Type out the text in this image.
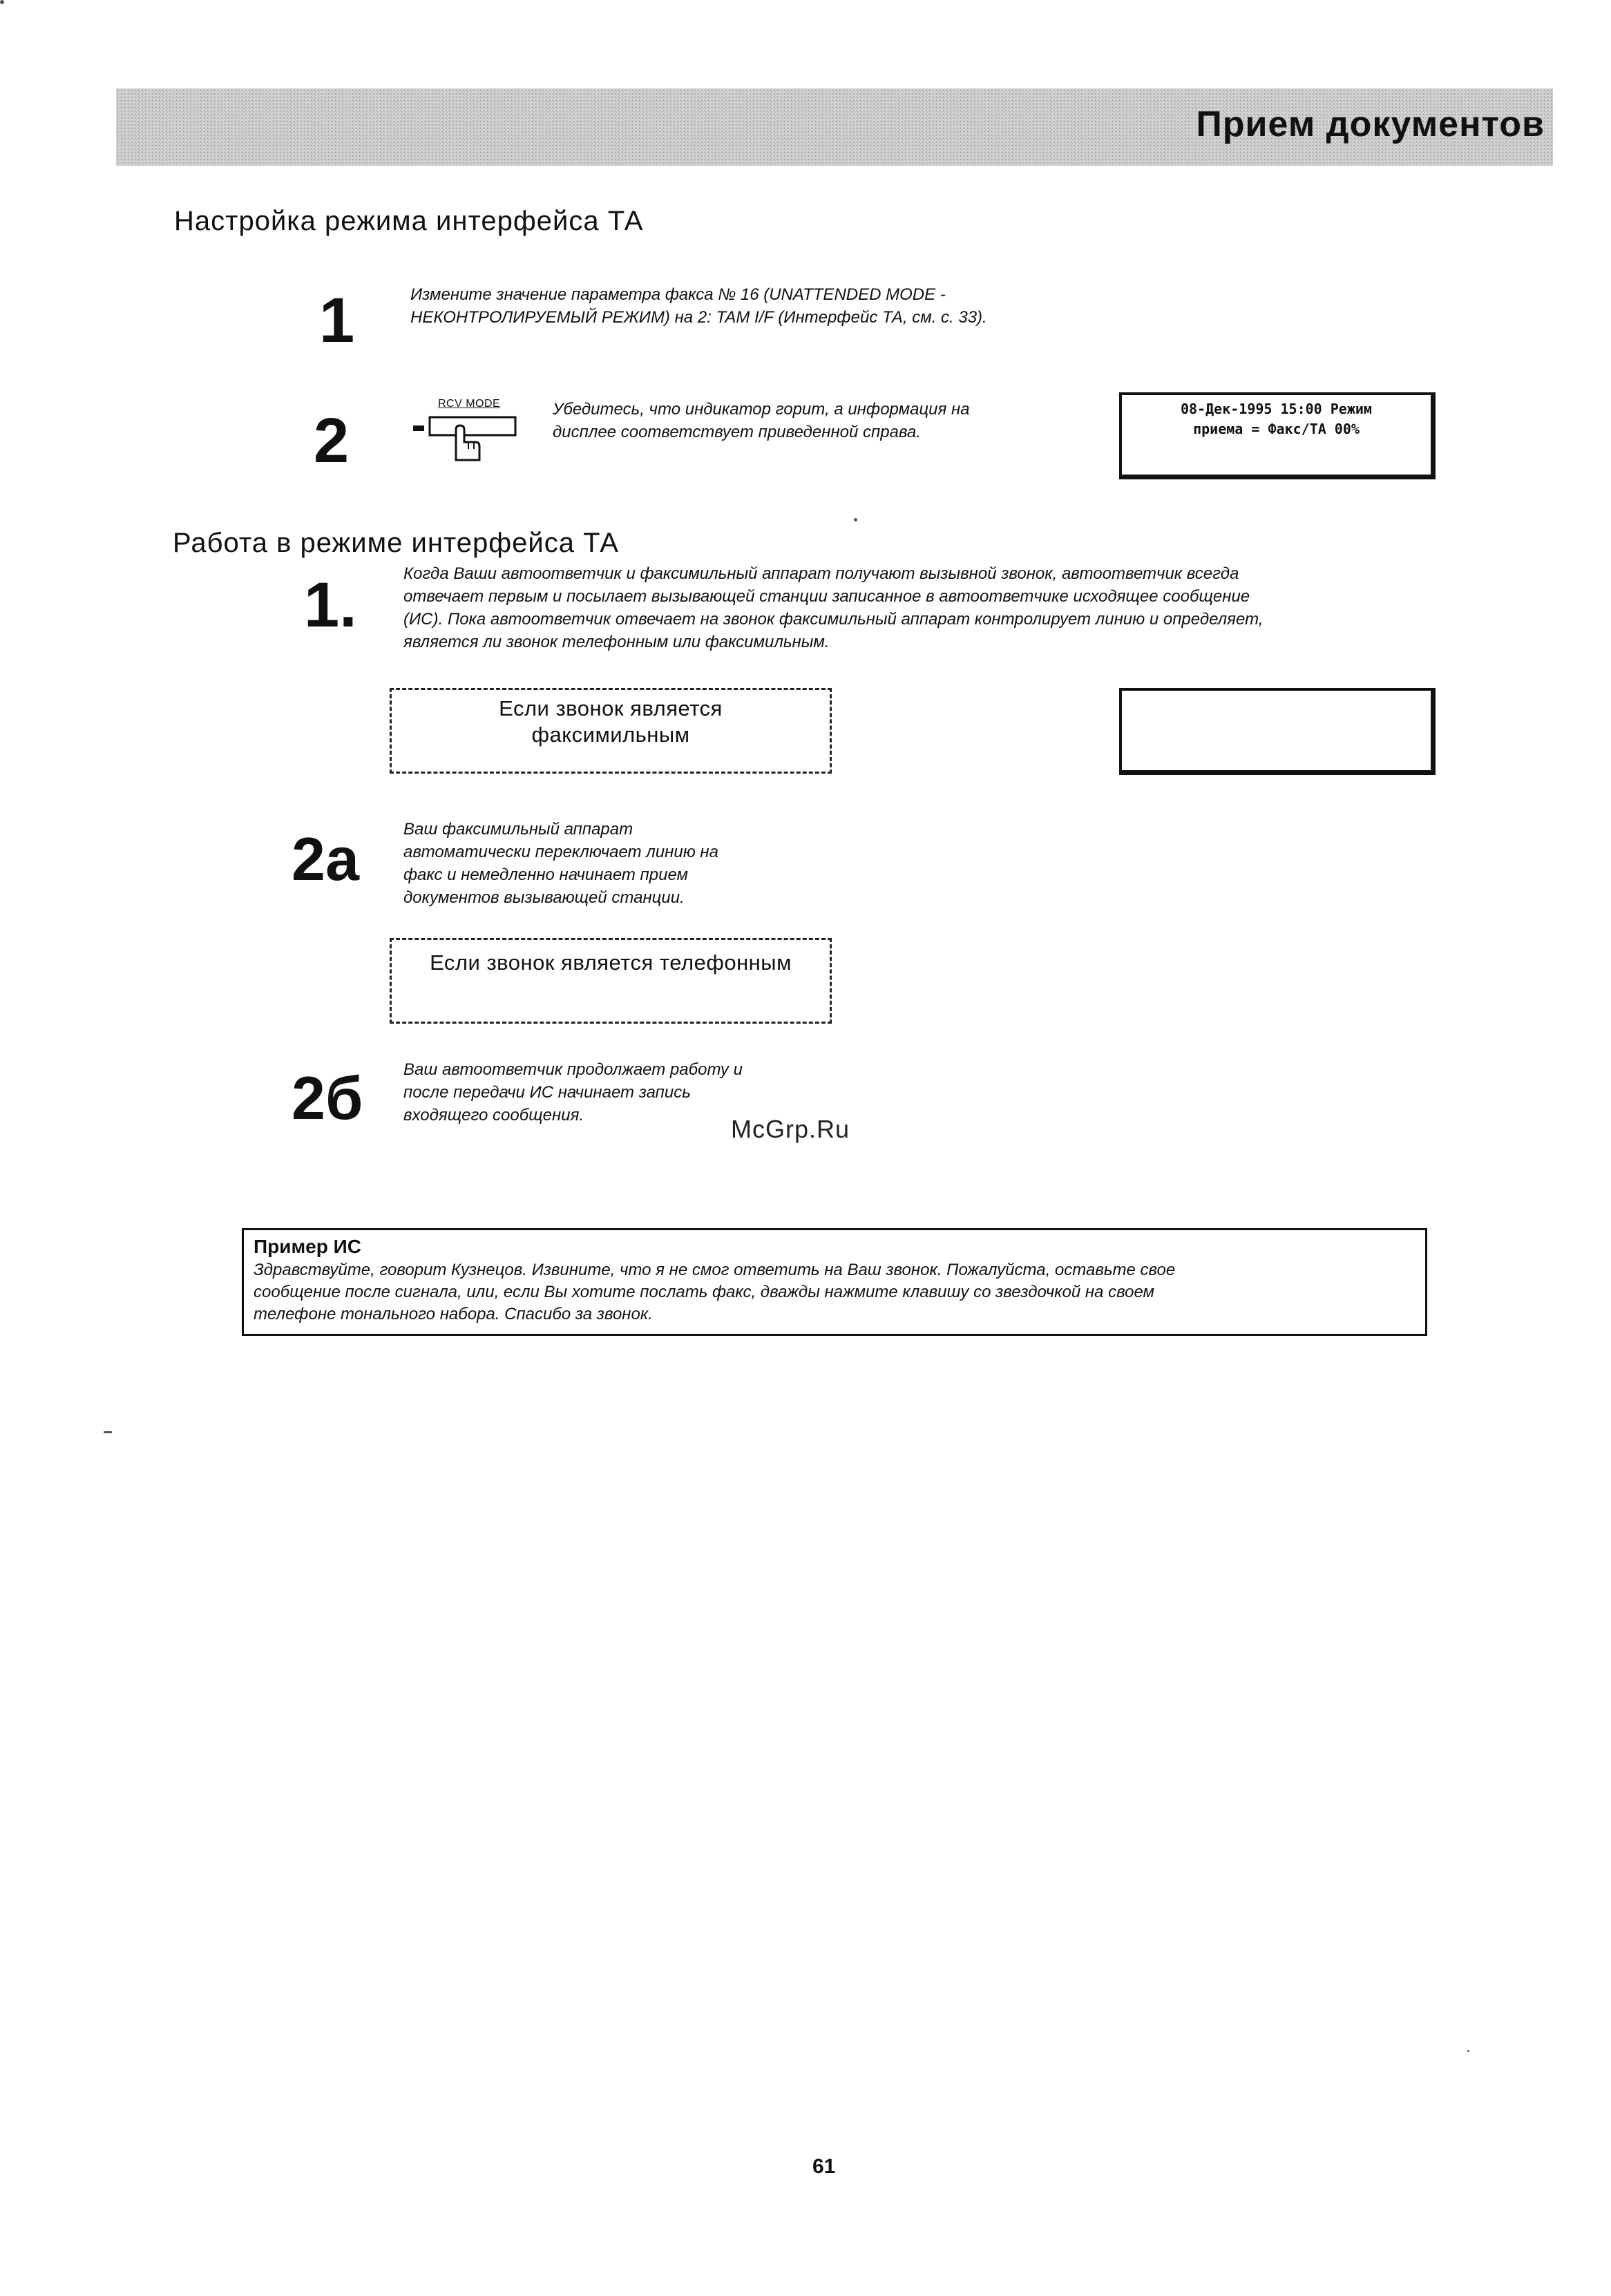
Прием документов
Настройка режима интерфейса ТА
1	Измените значение параметра факса № 16 (UNATTENDED MODE -
НЕКОНТРОЛИРУЕМЫЙ РЕЖИМ) на 2: TAM I/F (Интерфейс ТА, см. с. 33).
2
RCV MODE	Убедитесь, что индикатор горит, а информация на
дисплее соответствует приведенной справа.
08-Дек-1995 15:00 Режим
приема = Факс/ТА 00%
Работа в режиме интерфейса ТА
1.	Когда Ваши автоответчик и факсимильный аппарат получают вызывной звонок, автоответчик всегда
отвечает первым и посылает вызывающей станции записанное в автоответчике исходящее сообщение
(ИС). Пока автоответчик отвечает на звонок факсимильный аппарат контролирует линию и определяет,
является ли звонок телефонным или факсимильным.
Если звонок является
факсимильным
2а	Ваш факсимильный аппарат
автоматически переключает линию на
факс и немедленно начинает прием
документов вызывающей станции.
Если звонок является телефонным
2б Ваш автоответчик продолжает работу и
после передачи ИС начинает запись
входящего сообщения.	McGrp.Ru
Пример ИС
Здравствуйте, говорит Кузнецов. Извините, что я не смог ответить на Ваш звонок. Пожалуйста, оставьте свое
сообщение после сигнала, или, если Вы хотите послать факс, дважды нажмите клавишу со звездочкой на своем
телефоне тонального набора. Спасибо за звонок.
61
